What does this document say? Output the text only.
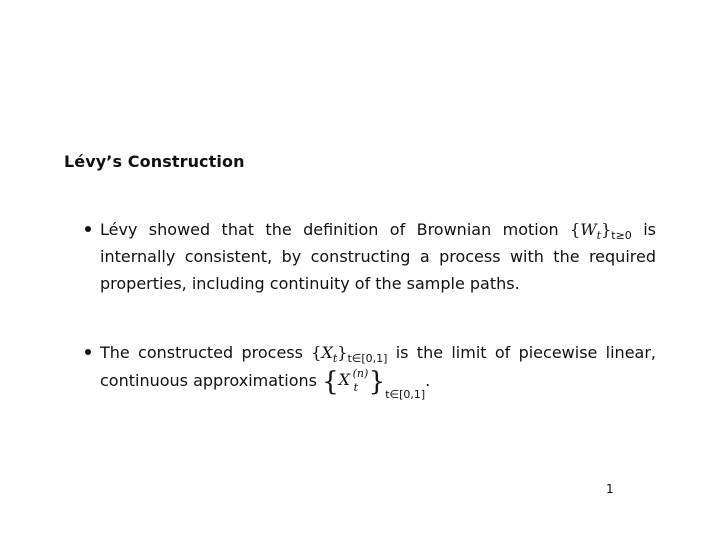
Lévy’s Construction
Lévy showed that the definition of Brownian motion $\{W_t\}_{t\ge 0}$ is internally consistent, by constructing a process with the required properties, including continuity of the sample paths.
The constructed process $\{X_t\}_{t\in[0,1]}$ is the limit of piecewise linear, continuous approximations { X (n)
t }$_{t\in[0,1]}$.
1
